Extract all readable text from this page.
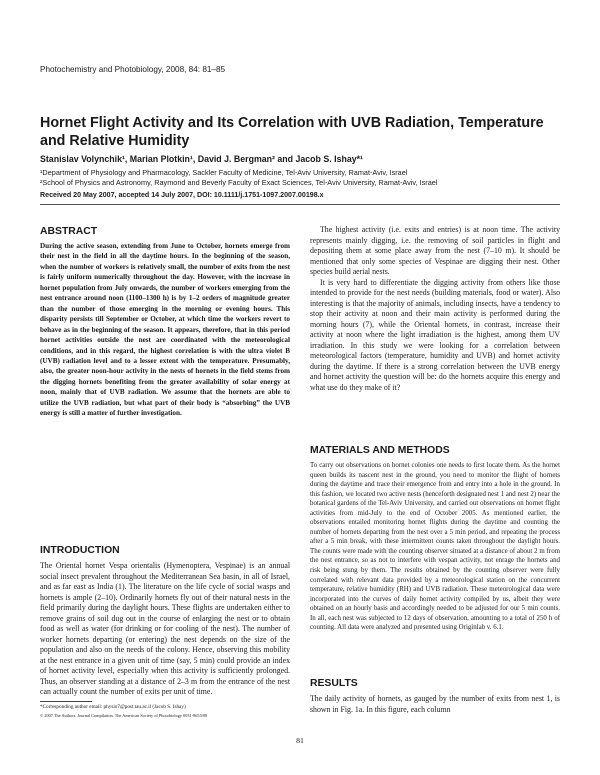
Photochemistry and Photobiology, 2008, 84: 81–85
Hornet Flight Activity and Its Correlation with UVB Radiation, Temperature and Relative Humidity
Stanislav Volynchik¹, Marian Plotkin¹, David J. Bergman² and Jacob S. Ishay*¹
¹Department of Physiology and Pharmacology, Sackler Faculty of Medicine, Tel-Aviv University, Ramat-Aviv, Israel
²School of Physics and Astronomy, Raymond and Beverly Faculty of Exact Sciences, Tel-Aviv University, Ramat-Aviv, Israel
Received 20 May 2007, accepted 14 July 2007, DOI: 10.1111/j.1751-1097.2007.00198.x
ABSTRACT
During the active season, extending from June to October, hornets emerge from their nest in the field in all the daytime hours. In the beginning of the season, when the number of workers is relatively small, the number of exits from the nest is fairly uniform numerically throughout the day. However, with the increase in hornet population from July onwards, the number of workers emerging from the nest entrance around noon (1100–1300 h) is by 1–2 orders of magnitude greater than the number of those emerging in the morning or evening hours. This disparity persists till September or October, at which time the workers revert to behave as in the beginning of the season. It appears, therefore, that in this period hornet activities outside the nest are coordinated with the meteorological conditions, and in this regard, the highest correlation is with the ultra violet B (UVB) radiation level and to a lesser extent with the temperature. Presumably, also, the greater noon-hour activity in the nests of hornets in the field stems from the digging hornets benefiting from the greater availability of solar energy at noon, mainly that of UVB radiation. We assume that the hornets are able to utilize the UVB radiation, but what part of their body is “absorbing” the UVB energy is still a matter of further investigation.
INTRODUCTION
The Oriental hornet Vespa orientalis (Hymenoptera, Vespinae) is an annual social insect prevalent throughout the Mediterranean Sea basin, in all of Israel, and as far east as India (1). The literature on the life cycle of social wasps and hornets is ample (2–10). Ordinarily hornets fly out of their natural nests in the field primarily during the daylight hours. These flights are undertaken either to remove grains of soil dug out in the course of enlarging the nest or to obtain food as well as water (for drinking or for cooling of the nest). The number of worker hornets departing (or entering) the nest depends on the size of the population and also on the needs of the colony. Hence, observing this mobility at the nest entrance in a given unit of time (say, 5 min) could provide an index of hornet activity level, especially when this activity is sufficiently prolonged. Thus, an observer standing at a distance of 2–3 m from the entrance of the nest can actually count the number of exits per unit of time.
*Corresponding author email: physio7@post.tau.ac.il (Jacob S. Ishay)
© 2007 The Authors. Journal Compilation. The American Society of Photobiology 0031-8655/08

The highest activity (i.e. exits and entries) is at noon time. The activity represents mainly digging, i.e. the removing of soil particles in flight and depositing them at some place away from the nest (7–10 m). It should be mentioned that only some species of Vespinae are digging their nest. Other species build aerial nests.

It is very hard to differentiate the digging activity from others like those intended to provide for the nest needs (building materials, food or water). Also interesting is that the majority of animals, including insects, have a tendency to stop their activity at noon and their main activity is performed during the morning hours (7), while the Oriental hornets, in contrast, increase their activity at noon where the light irradiation is the highest, among them UV irradiation. In this study we were looking for a correlation between meteorological factors (temperature, humidity and UVB) and hornet activity during the daytime. If there is a strong correlation between the UVB energy and hornet activity the question will be: do the hornets acquire this energy and what use do they make of it?

MATERIALS AND METHODS
To carry out observations on hornet colonies one needs to first locate them. As the hornet queen builds its nascent nest in the ground, you need to monitor the flight of hornets during the daytime and trace their emergence from and entry into a hole in the ground. In this fashion, we located two active nests (henceforth designated nest 1 and nest 2) near the botanical gardens of the Tel-Aviv University, and carried out observations on hornet flight activities from mid-July to the end of October 2005. As mentioned earlier, the observations entailed monitoring hornet flights during the daytime and counting the number of hornets departing from the nest over a 5 min period, and repeating the process after a 5 min break, with these intermittent counts taken throughout the daylight hours. The counts were made with the counting observer situated at a distance of about 2 m from the nest entrance, so as not to interfere with vespan activity, not enrage the hornets and risk being stung by them. The results obtained by the counting observer were fully correlated with relevant data provided by a meteorological station on the concurrent temperature, relative humidity (RH) and UVB radiation. These meteorological data were incorporated into the curves of daily hornet activity compiled by us, albeit they were obtained on an hourly basis and accordingly needed to be adjusted for our 5 min counts. In all, each nest was subjected to 12 days of observation, amounting to a total of 250 h of counting. All data were analyzed and presented using Originlab v. 6.1.
RESULTS
The daily activity of hornets, as gauged by the number of exits from nest 1, is shown in Fig. 1a. In this figure, each column
81
